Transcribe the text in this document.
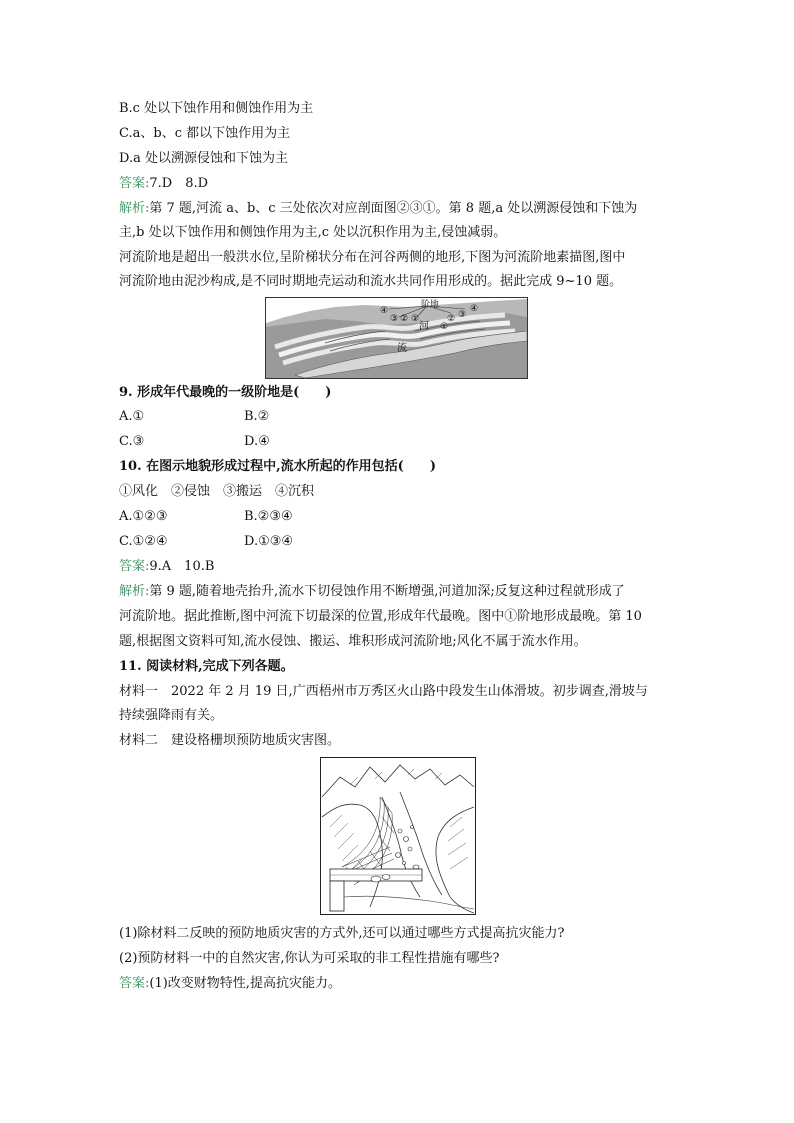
B.c 处以下蚀作用和侧蚀作用为主
C.a、b、c 都以下蚀作用为主
D.a 处以溯源侵蚀和下蚀为主
答案:7.D　8.D
解析:第 7 题,河流 a、b、c 三处依次对应剖面图②③①。第 8 题,a 处以溯源侵蚀和下蚀为
主,b 处以下蚀作用和侧蚀作用为主,c 处以沉积作用为主,侵蚀减弱。
河流阶地是超出一般洪水位,呈阶梯状分布在河谷两侧的地形,下图为河流阶地素描图,图中
河流阶地由泥沙构成,是不同时期地壳运动和流水共同作用形成的。据此完成 9~10 题。
阶地
河
流
④
③ ② ①
①
② ③
④
9. 形成年代最晚的一级阶地是(　　)
A.①	B.②
C.③	D.④
10. 在图示地貌形成过程中,流水所起的作用包括(　　)
①风化　②侵蚀　③搬运　④沉积
A.①②③	B.②③④
C.①②④	D.①③④
答案:9.A　10.B
解析:第 9 题,随着地壳抬升,流水下切侵蚀作用不断增强,河道加深;反复这种过程就形成了
河流阶地。据此推断,图中河流下切最深的位置,形成年代最晚。图中①阶地形成最晚。第 10
题,根据图文资料可知,流水侵蚀、搬运、堆积形成河流阶地;风化不属于流水作用。
11. 阅读材料,完成下列各题。
材料一　2022 年 2 月 19 日,广西梧州市万秀区火山路中段发生山体滑坡。初步调查,滑坡与
持续强降雨有关。
材料二　建设格栅坝预防地质灾害图。
(1)除材料二反映的预防地质灾害的方式外,还可以通过哪些方式提高抗灾能力?
(2)预防材料一中的自然灾害,你认为可采取的非工程性措施有哪些?
答案:(1)改变财物特性,提高抗灾能力。
